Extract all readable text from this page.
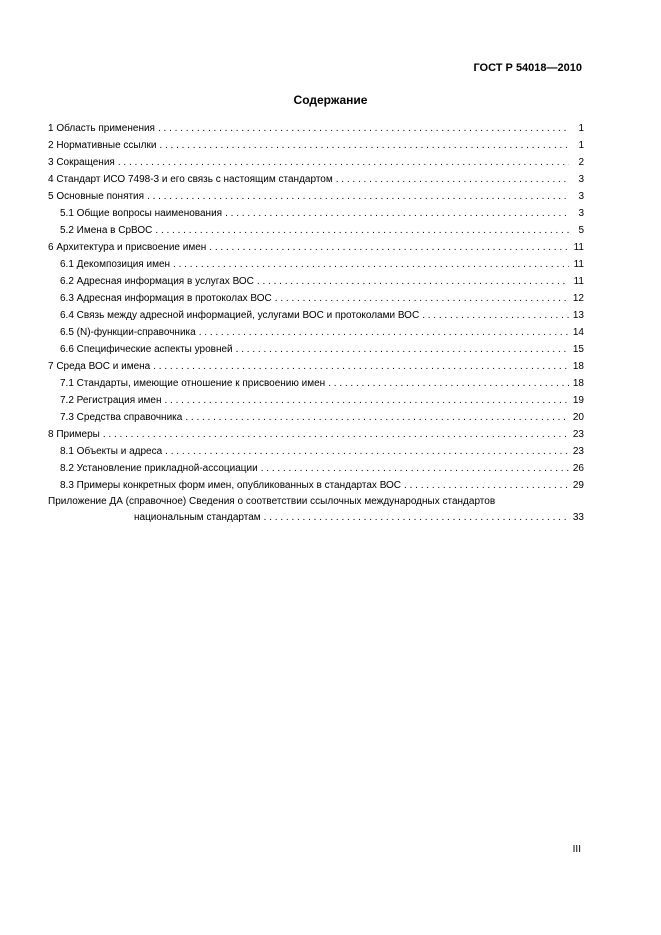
ГОСТ Р 54018—2010
Содержание
1 Область применения . . .	1
2 Нормативные ссылки . . .	1
3 Сокращения . . .	2
4 Стандарт ИСО 7498-3 и его связь с настоящим стандартом . . .	3
5 Основные понятия . . .	3
5.1 Общие вопросы наименования . . .	3
5.2 Имена в СрВОС . . .	5
6 Архитектура и присвоение имен . . .	11
6.1 Декомпозиция имен . . .	11
6.2 Адресная информация в услугах ВОС . . .	11
6.3 Адресная информация в протоколах ВОС . . .	12
6.4 Связь между адресной информацией, услугами ВОС и протоколами ВОС . . .	13
6.5 (N)-функции-справочника . . .	14
6.6 Специфические аспекты уровней . . .	15
7 Среда ВОС и имена . . .	18
7.1 Стандарты, имеющие отношение к присвоению имен . . .	18
7.2 Регистрация имен . . .	19
7.3 Средства справочника . . .	20
8 Примеры . . .	23
8.1 Объекты и адреса . . .	23
8.2 Установление прикладной-ассоциации . . .	26
8.3 Примеры конкретных форм имен, опубликованных в стандартах ВОС . . .	29
Приложение ДА (справочное) Сведения о соответствии ссылочных международных стандартов
национальным стандартам . . .	33
III
